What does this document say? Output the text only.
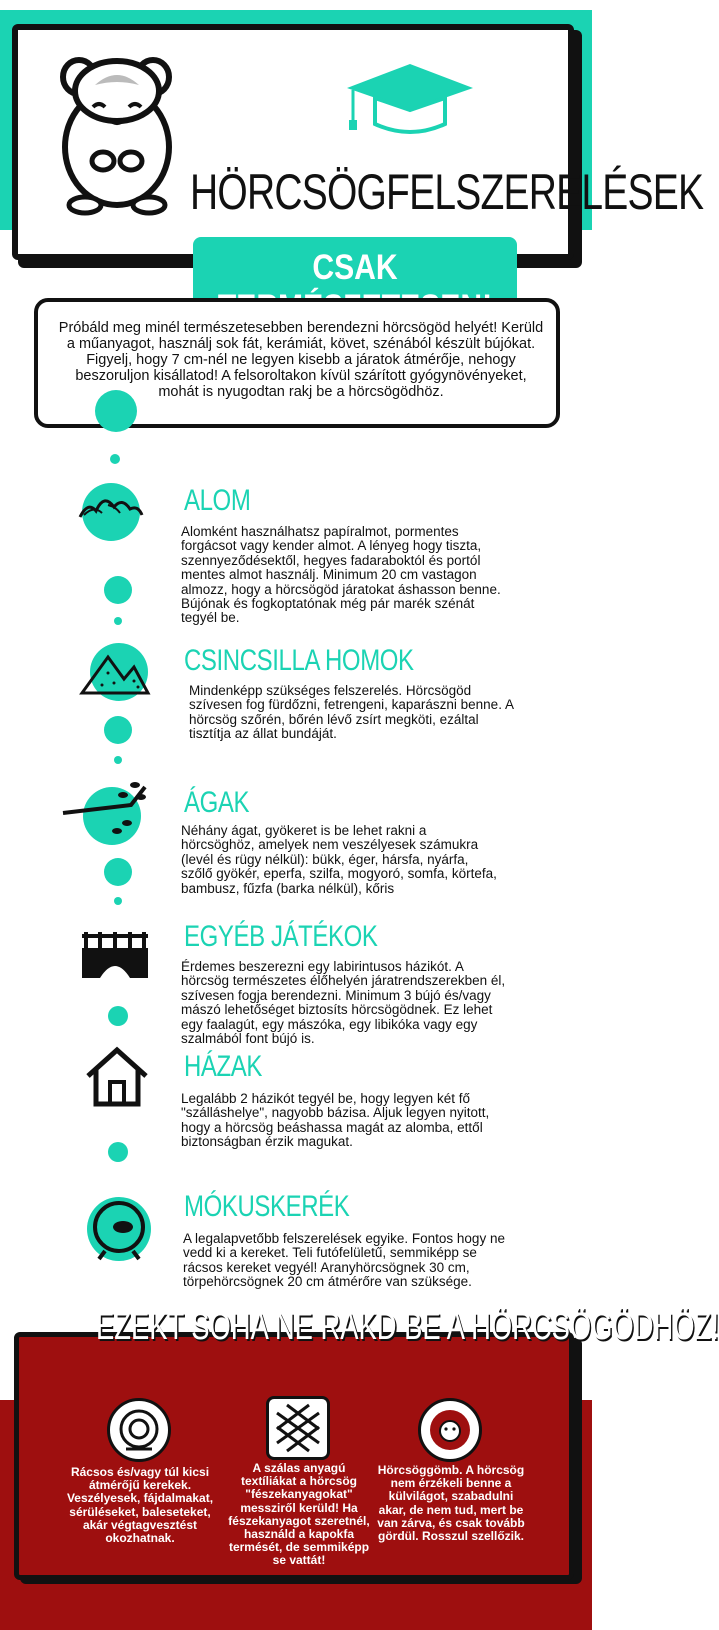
HÖRCSÖGFELSZERELÉSEK
CSAK
Próbáld meg minél természetesebben berendezni hörcsögöd helyét! Kerüld a műanyagot, használj sok fát, kerámiát, követ, szénából készült bújókat. Figyelj, hogy 7 cm-nél ne legyen kisebb a járatok átmérője, nehogy beszoruljon kisállatod! A felsoroltakon kívül szárított gyógynövényeket, mohát is nyugodtan rakj be a hörcsögödhöz.
ALOM
Alomként használhatsz papíralmot, pormentes forgácsot vagy kender almot. A lényeg hogy tiszta, szennyeződésektől, hegyes fadaraboktól és portól mentes almot használj. Minimum 20 cm vastagon almozz, hogy a hörcsögöd járatokat áshasson benne. Bújónak és fogkoptatónak még pár marék szénát tegyél be.
CSINCSILLA HOMOK
Mindenképp szükséges felszerelés. Hörcsögöd szívesen fog fürdőzni, fetrengeni, kaparászni benne. A hörcsög szőrén, bőrén lévő zsírt megköti, ezáltal tisztítja az állat bundáját.
ÁGAK
Néhány ágat, gyökeret is be lehet rakni a hörcsöghöz, amelyek nem veszélyesek számukra (levél és rügy nélkül): bükk, éger, hársfa, nyárfa, szőlő gyökér, eperfa, szilfa, mogyoró, somfa, körtefa, bambusz, fűzfa (barka nélkül), kőris
EGYÉB JÁTÉKOK
Érdemes beszerezni egy labirintusos házikót. A hörcsög természetes élőhelyén járatrendszerekben él, szívesen fogja berendezni. Minimum 3 bújó és/vagy mászó lehetőséget biztosíts hörcsögödnek. Ez lehet egy faalagút, egy mászóka, egy libikóka vagy egy szalmából font bújó is.
HÁZAK
Legalább 2 házikót tegyél be, hogy legyen két fő "szálláshelye", nagyobb bázisa. Aljuk legyen nyitott, hogy a hörcsög beáshassa magát az alomba, ettől biztonságban érzik magukat.
MÓKUSKERÉK
A legalapvetőbb felszerelések egyike. Fontos hogy ne vedd ki a kereket. Teli futófelületű, semmiképp se rácsos kereket vegyél! Aranyhörcsögnek 30 cm, törpehörcsögnek 20 cm átmérőre van szüksége.
EZEKT SOHA NE RAKD BE A HÖRCSÖGÖDHÖZ!
Rácsos és/vagy túl kicsi átmérőjű kerekek. Veszélyesek, fájdalmakat, sérüléseket, baleseteket, akár végtagvesztést okozhatnak.
A szálas anyagú textíliákat a hörcsög "fészekanyagokat" messziről kerüld! Ha fészekanyagot szeretnél, használd a kapokfa termését, de semmiképp se vattát!
Hörcsöggömb. A hörcsög nem érzékeli benne a külvilágot, szabadulni akar, de nem tud, mert be van zárva, és csak tovább gördül. Rosszul szellőzik.
